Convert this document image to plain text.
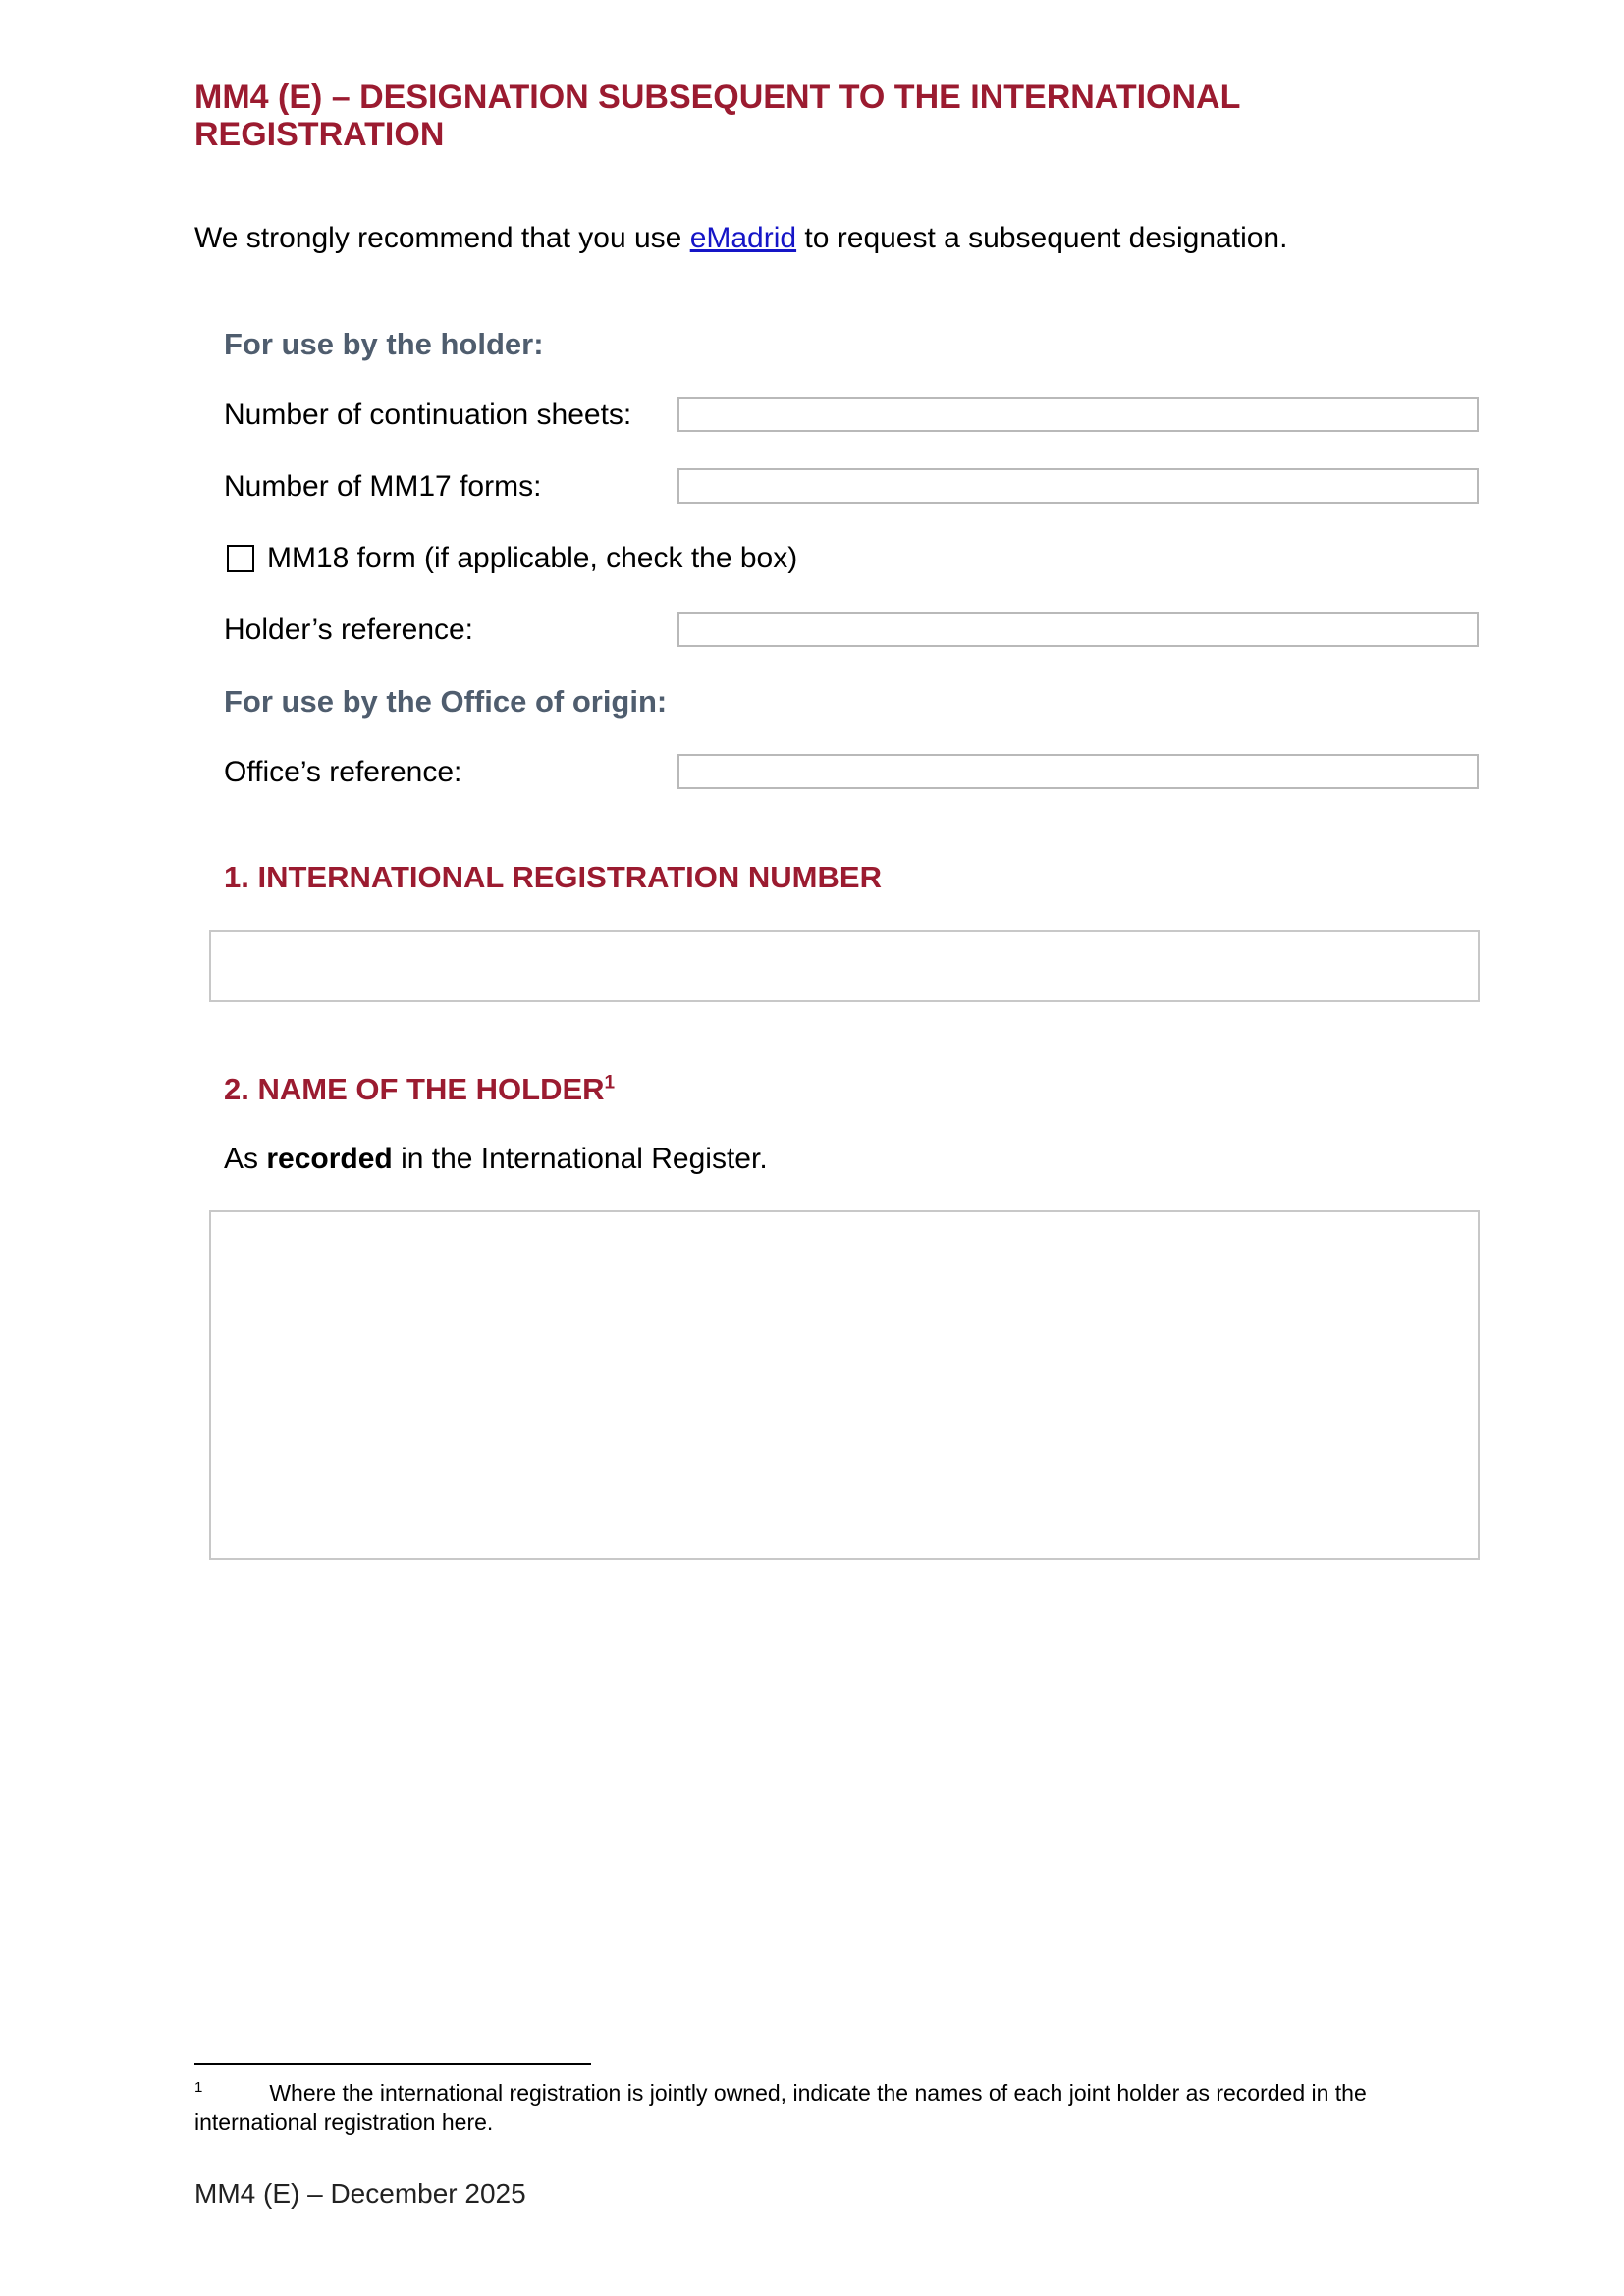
MM4 (E) – DESIGNATION SUBSEQUENT TO THE INTERNATIONAL REGISTRATION
We strongly recommend that you use eMadrid to request a subsequent designation.
For use by the holder:
Number of continuation sheets:
Number of MM17 forms:
MM18 form (if applicable, check the box)
Holder’s reference:
For use by the Office of origin:
Office’s reference:
1. INTERNATIONAL REGISTRATION NUMBER
2. NAME OF THE HOLDER$^1$
As recorded in the International Register.
$^1$	Where the international registration is jointly owned, indicate the names of each joint holder as recorded in the international registration here.
MM4 (E) – December 2025
